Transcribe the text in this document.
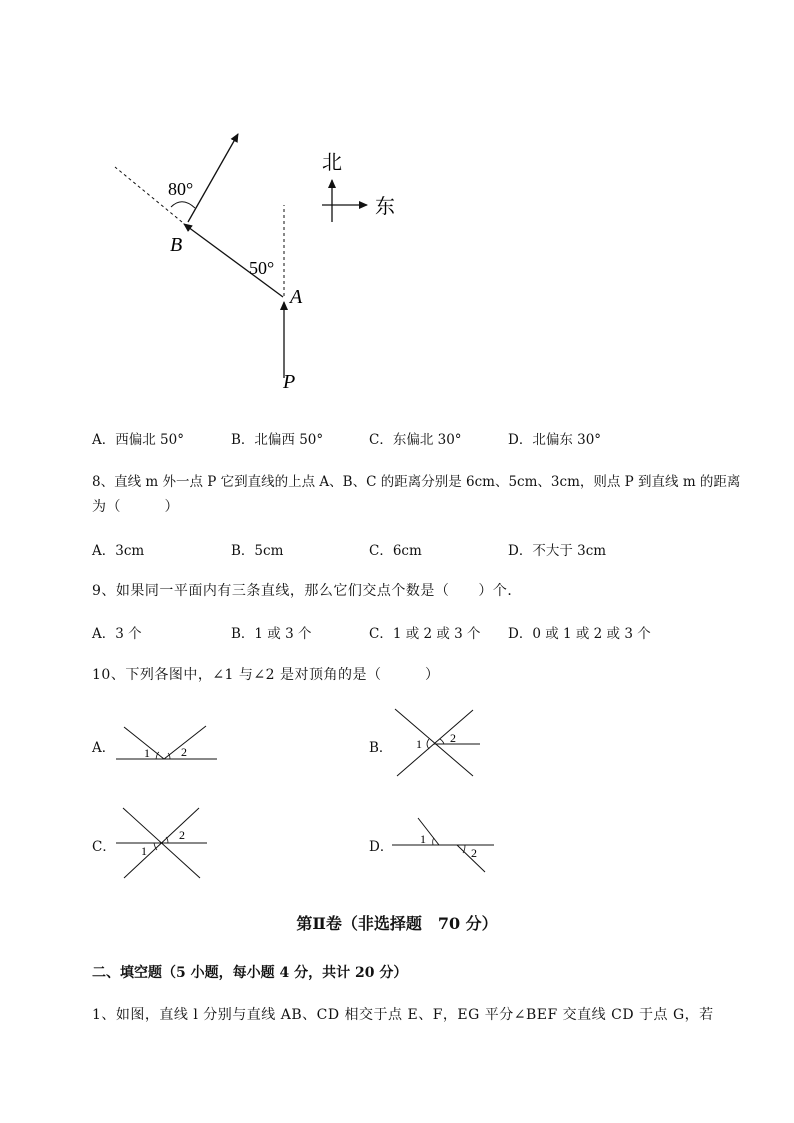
80°
50°
B
A
P
北
东
A．西偏北 50°	B．北偏西 50°	C．东偏北 30°	D．北偏东 30°
8、直线 m 外一点 P 它到直线的上点 A、B、C 的距离分别是 6cm、5cm、3cm，则点 P 到直线 m 的距离
为（　　　）
A．3cm	B．5cm	C．6cm	D．不大于 3cm
9、如果同一平面内有三条直线，那么它们交点个数是（　　）个．
A．3 个	B．1 或 3 个	C．1 或 2 或 3 个 D．0 或 1 或 2 或 3 个
10、下列各图中，∠1 与∠2 是对顶角的是（　　　）
A．	B．
C．	D．
1	2
1 2
1
2	1
2
第Ⅱ卷（非选择题　70 分）
二、填空题（5 小题，每小题 4 分，共计 20 分）
1、如图，直线 l 分别与直线 AB、CD 相交于点 E、F，EG 平分∠BEF 交直线 CD 于点 G，若
